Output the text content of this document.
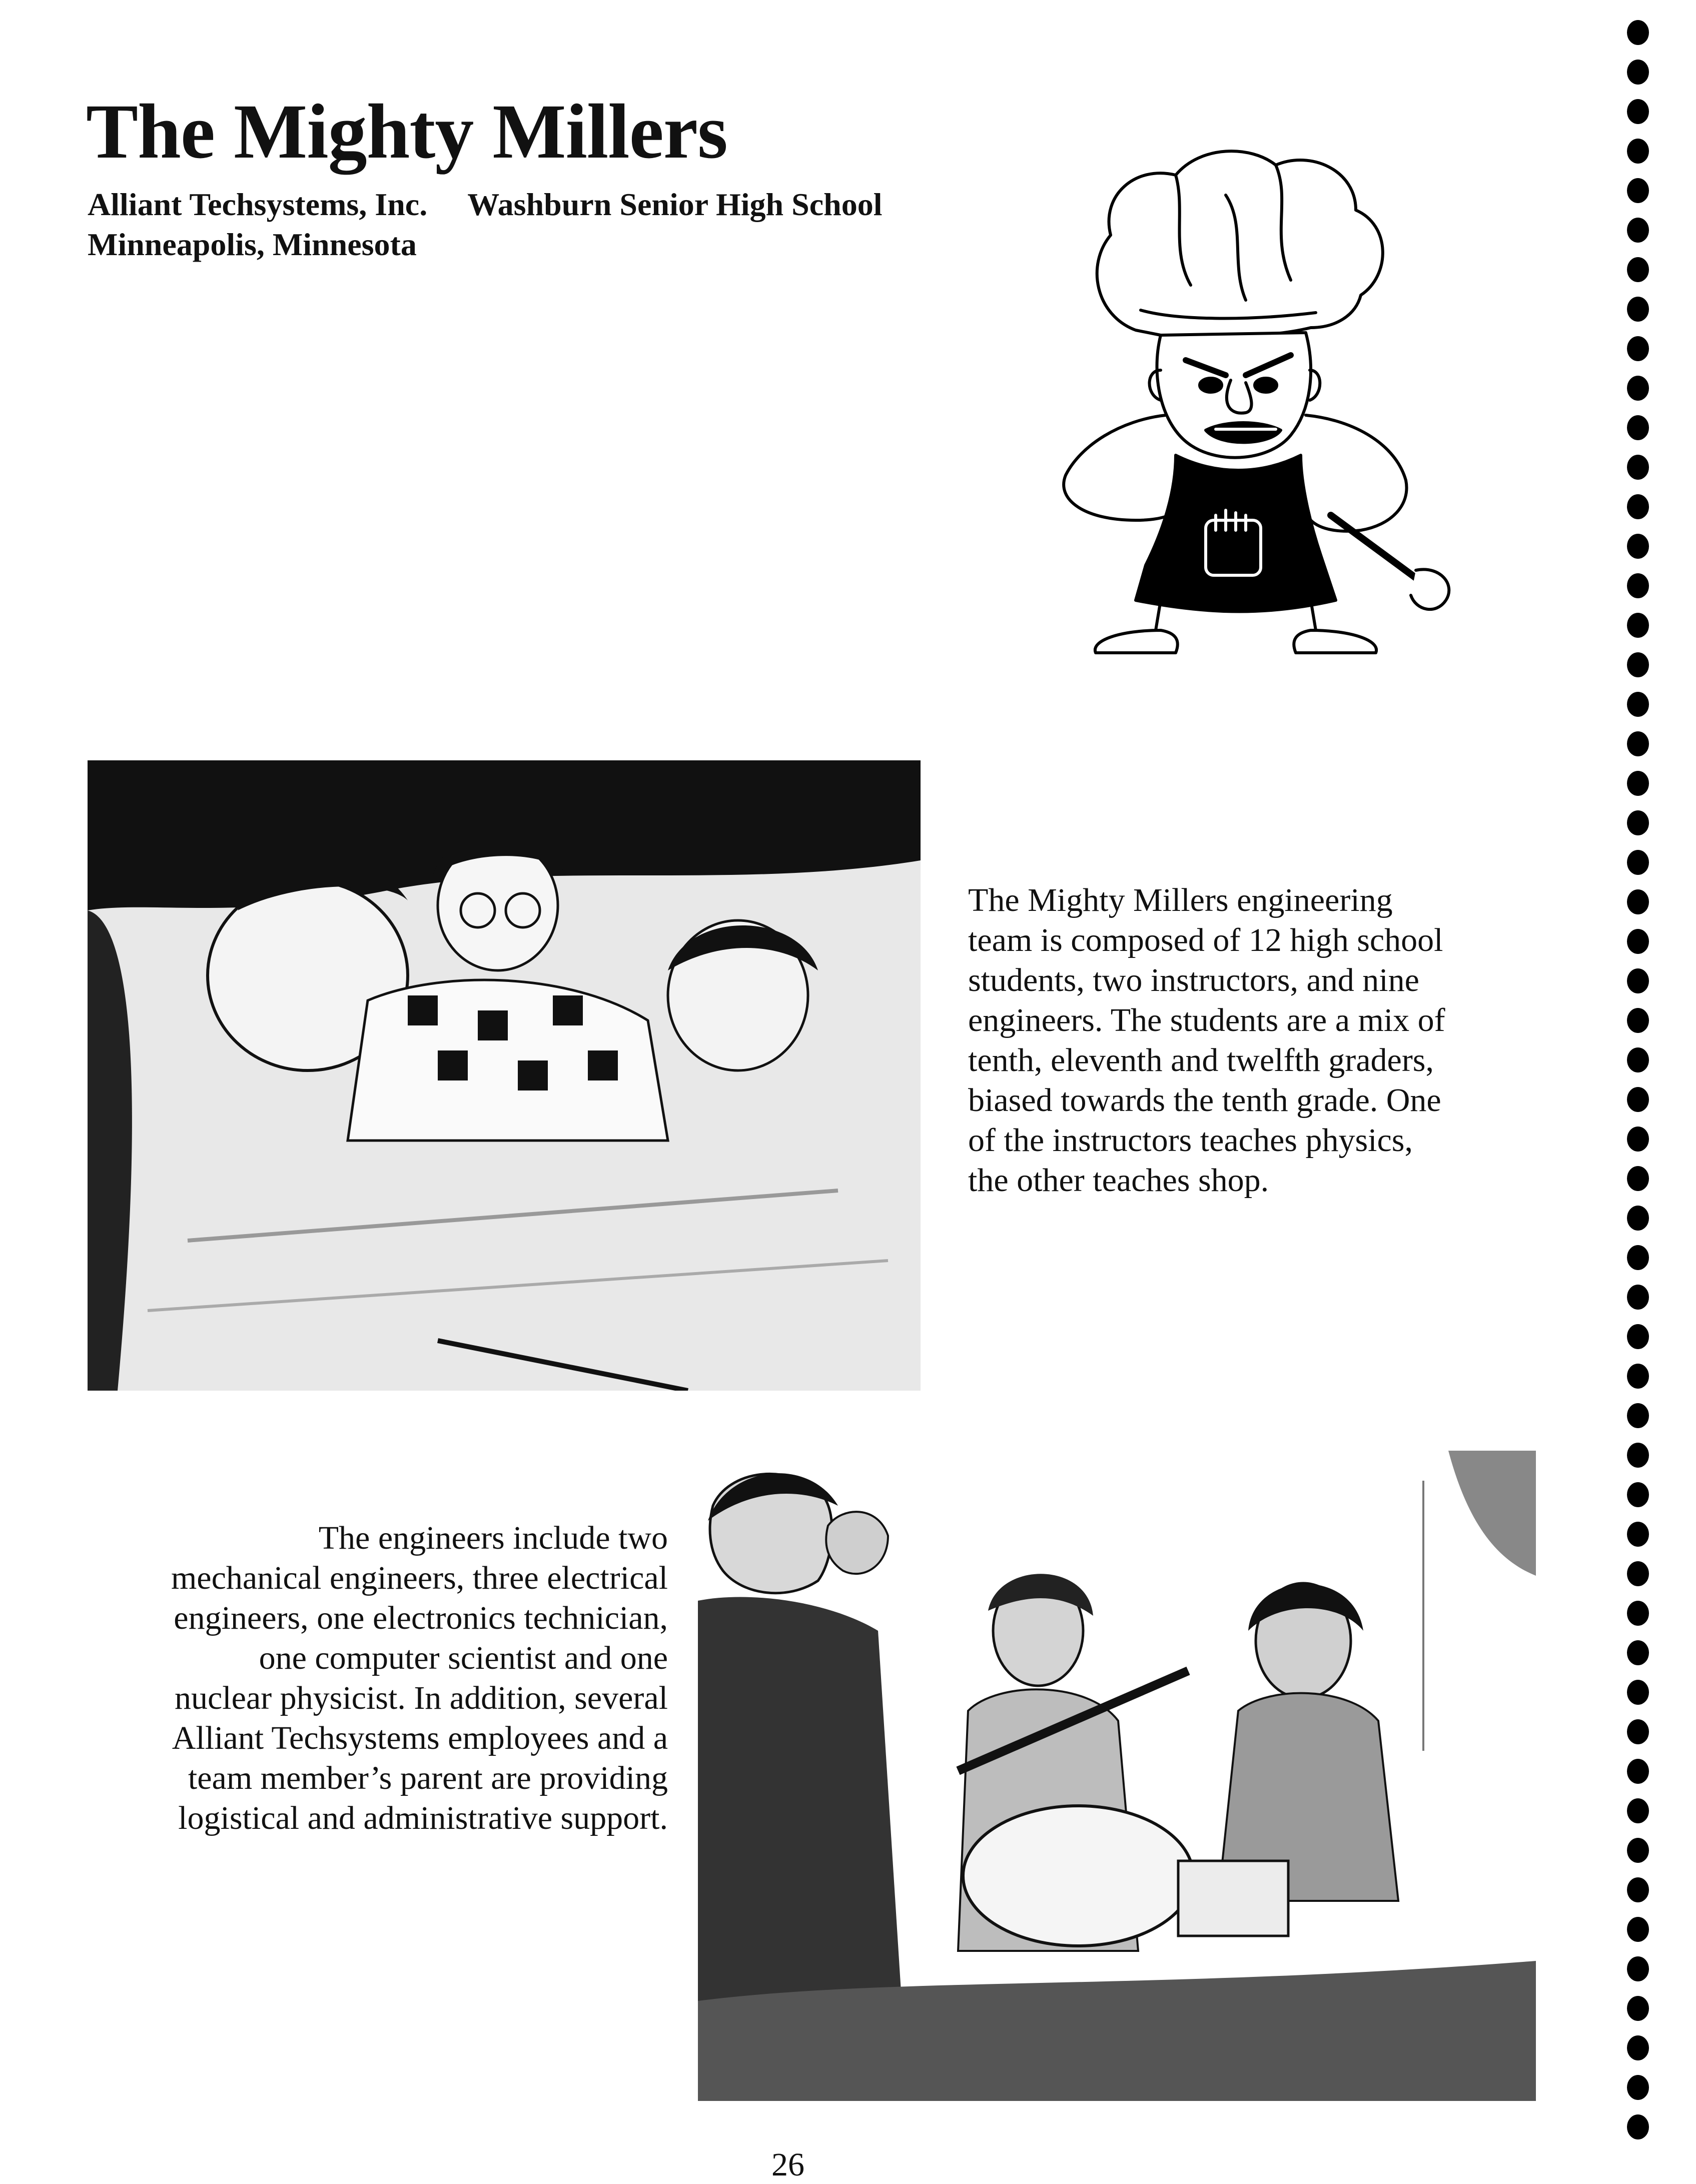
The Mighty Millers
Alliant Techsystems, Inc. Washburn Senior High School
Minneapolis, Minnesota
The Mighty Millers engineering
team is composed of 12 high school
students, two instructors, and nine
engineers. The students are a mix of
tenth, eleventh and twelfth graders,
biased towards the tenth grade. One
of the instructors teaches physics,
the other teaches shop.
The engineers include two
mechanical engineers, three electrical
engineers, one electronics technician,
one computer scientist and one
nuclear physicist. In addition, several
Alliant Techsystems employees and a
team member’s parent are providing
logistical and administrative support.
26
